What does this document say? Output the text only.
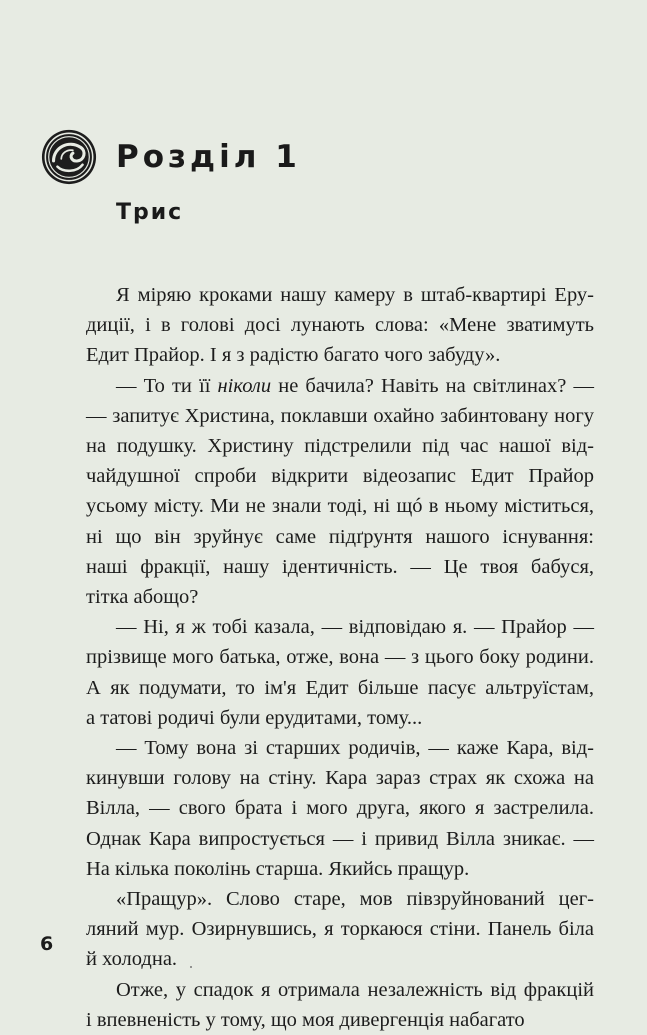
Розділ 1
Трис

Я міряю кроками нашу камеру в штаб-квартирі Еру-

диції, і в голові досі лунають слова: «Мене зватимуть

Едит Прайор. І я з радістю багато чого забуду».

— То ти її ніколи не бачила? Навіть на світлинах? —

— запитує Христина, поклавши охайно забинтовану ногу

на подушку. Христину підстрелили під час нашої від-

чайдушної спроби відкрити відеозапис Едит Прайор

усьому місту. Ми не знали тоді, ні щó в ньому міститься,

ні що він зруйнує саме підґрунтя нашого існування:

наші фракції, нашу ідентичність. — Це твоя бабуся,

тітка абощо?

— Ні, я ж тобі казала, — відповідаю я. — Прайор —

прізвище мого батька, отже, вона — з цього боку родини.

А як подумати, то ім'я Едит більше пасує альтруїстам,

а татові родичі були ерудитами, тому...

— Тому вона зі старших родичів, — каже Кара, від-

кинувши голову на стіну. Кара зараз страх як схожа на

Вілла, — свого брата і мого друга, якого я застрелила.

Однак Кара випростується — і привид Вілла зникає. —

На кілька поколінь старша. Якийсь пращур.

«Пращур». Слово старе, мов півзруйнований цег-

ляний мур. Озирнувшись, я торкаюся стіни. Панель біла

й холодна.

Отже, у спадок я отримала незалежність від фракцій

і впевненість у тому, що моя дивергенція набагато

6
